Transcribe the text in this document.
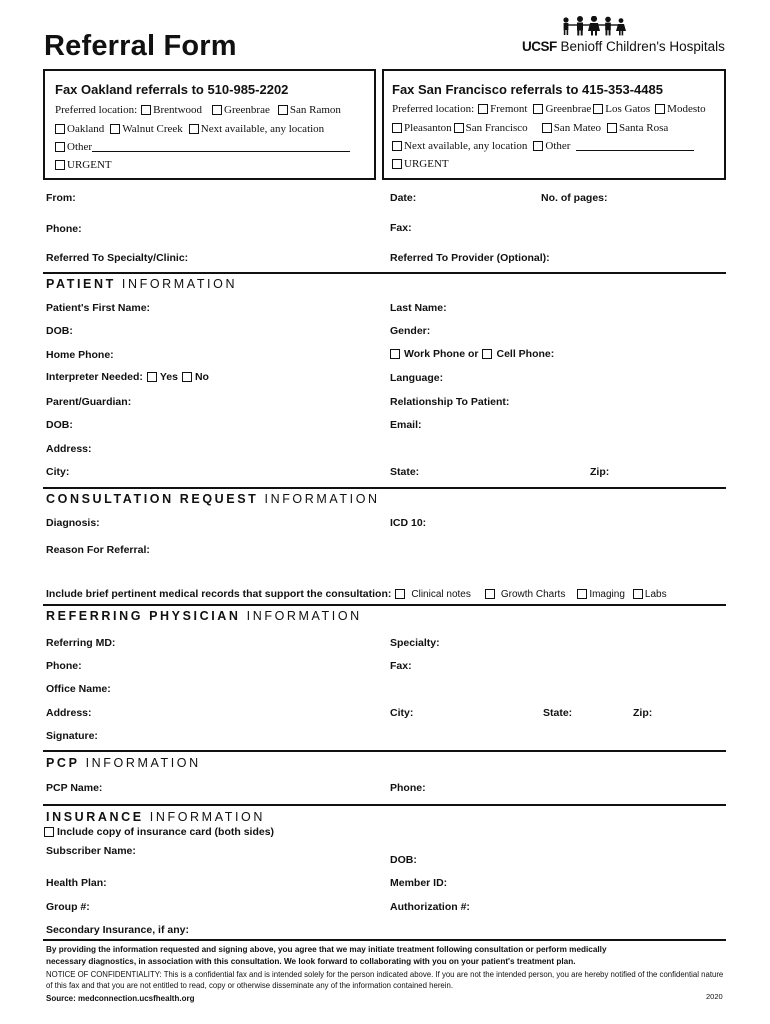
Referral Form	UCSF Benioff Children's Hospitals
Fax Oakland referrals to 510-985-2202
Preferred location: Brentwood Greenbrae San Ramon
Oakland Walnut Creek Next available, any location
Other
URGENT
Fax San Francisco referrals to 415-353-4485
Preferred location: Fremont Greenbrae Los Gatos Modesto
Pleasanton San Francisco San Mateo Santa Rosa
Next available, any location Other
URGENT
From:	Date:	No. of pages:
Phone:	Fax:
Referred To Specialty/Clinic:	Referred To Provider (Optional):
PATIENT INFORMATION
Patient's First Name:	Last Name:
DOB:	Gender:
Home Phone:	Work Phone or Cell Phone:
Interpreter Needed: Yes No	Language:
Parent/Guardian:	Relationship To Patient:
DOB:	Email:
Address:
City:	State:	Zip:
CONSULTATION REQUEST INFORMATION
Diagnosis:	ICD 10:
Reason For Referral:
Include brief pertinent medical records that support the consultation: Clinical notes	Growth Charts Imaging Labs
REFERRING PHYSICIAN INFORMATION
Referring MD:	Specialty:
Phone:	Fax:
Office Name:
Address:	City:	State:	Zip:
Signature:
PCP INFORMATION
PCP Name:	Phone:
INSURANCE INFORMATION
Include copy of insurance card (both sides)
Subscriber Name:
DOB:
Health Plan:	Member ID:
Group #:	Authorization #:
Secondary Insurance, if any:
By providing the information requested and signing above, you agree that we may initiate treatment following consultation or perform medically
necessary diagnostics, in association with this consultation. We look forward to collaborating with you on your patient's treatment plan.
NOTICE OF CONFIDENTIALITY: This is a confidential fax and is intended solely for the person indicated above. If you are not the intended person, you are hereby notified of the confidential nature of this fax and that you are not entitled to read, copy or otherwise disseminate any of the information contained herein.
Source: medconnection.ucsfhealth.org	2020
